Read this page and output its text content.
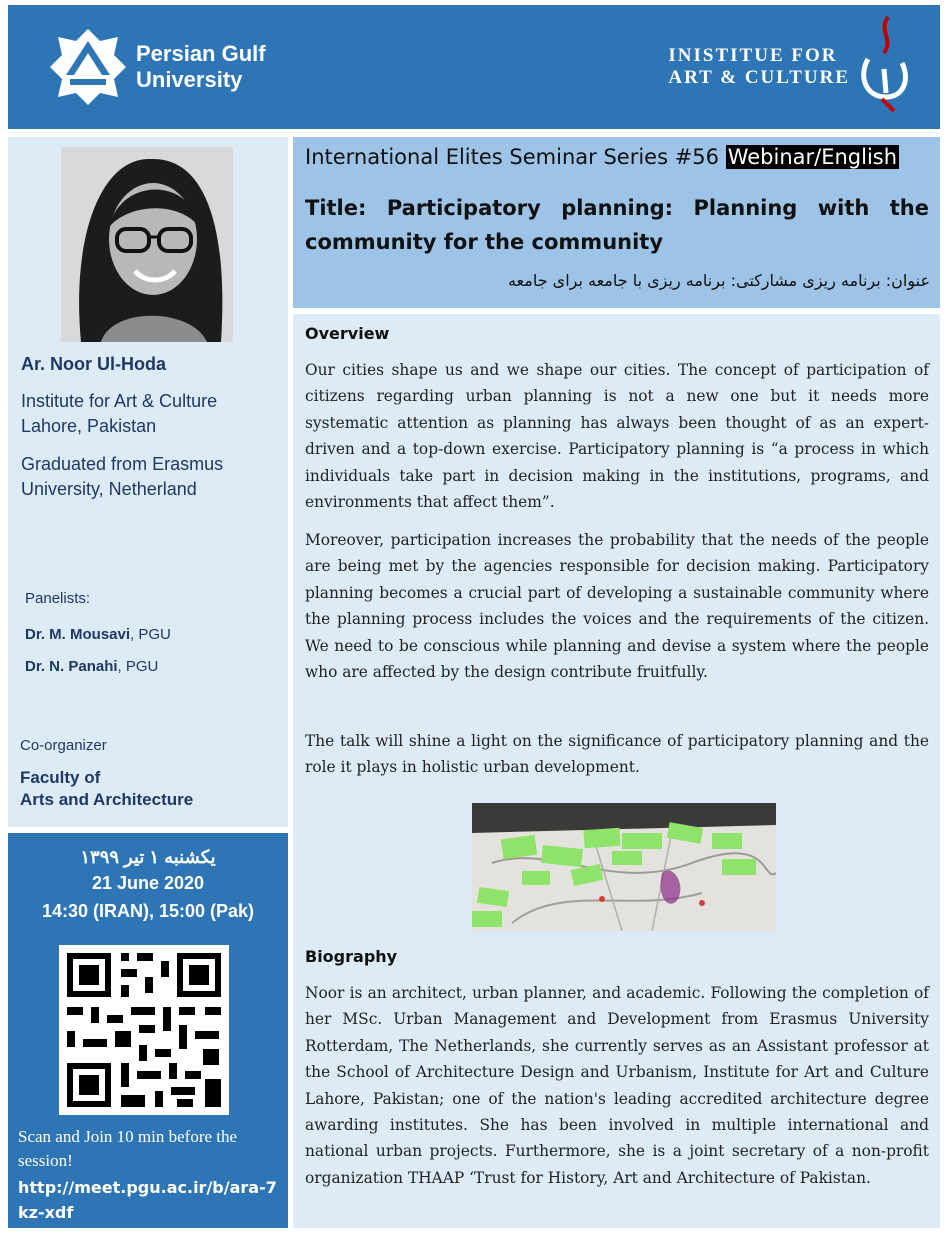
Persian Gulf
University
INISTITUE FOR
ART & CULTURE
Ar. Noor Ul-Hoda
Institute for Art & Culture
Lahore, Pakistan
Graduated from Erasmus
University, Netherland
Panelists:
Dr. M. Mousavi, PGU
Dr. N. Panahi, PGU
Co-organizer
Faculty of
Arts and Architecture
یکشنبه ۱ تیر ۱۳۹۹
21 June 2020
14:30 (IRAN), 15:00 (Pak)
Scan and Join 10 min before the session!
http://meet.pgu.ac.ir/b/ara-7kz-xdf
International Elites Seminar Series #56 Webinar/English
Title: Participatory planning: Planning with the community for the community
عنوان: برنامه ریزی مشارکتی: برنامه ریزی با جامعه برای جامعه
Overview
Our cities shape us and we shape our cities. The concept of participation of citizens regarding urban planning is not a new one but it needs more systematic attention as planning has always been thought of as an expert-driven and a top-down exercise. Participatory planning is “a process in which individuals take part in decision making in the institutions, programs, and environments that affect them”.
Moreover, participation increases the probability that the needs of the people are being met by the agencies responsible for decision making. Participatory planning becomes a crucial part of developing a sustainable community where the planning process includes the voices and the requirements of the citizen. We need to be conscious while planning and devise a system where the people who are affected by the design contribute fruitfully.
The talk will shine a light on the significance of participatory planning and the role it plays in holistic urban development.
Biography
Noor is an architect, urban planner, and academic. Following the completion of her MSc. Urban Management and Development from Erasmus University Rotterdam, The Netherlands, she currently serves as an Assistant professor at the School of Architecture Design and Urbanism, Institute for Art and Culture Lahore, Pakistan; one of the nation's leading accredited architecture degree awarding institutes. She has been involved in multiple international and national urban projects. Furthermore, she is a joint secretary of a non-profit organization THAAP ‘Trust for History, Art and Architecture of Pakistan.
